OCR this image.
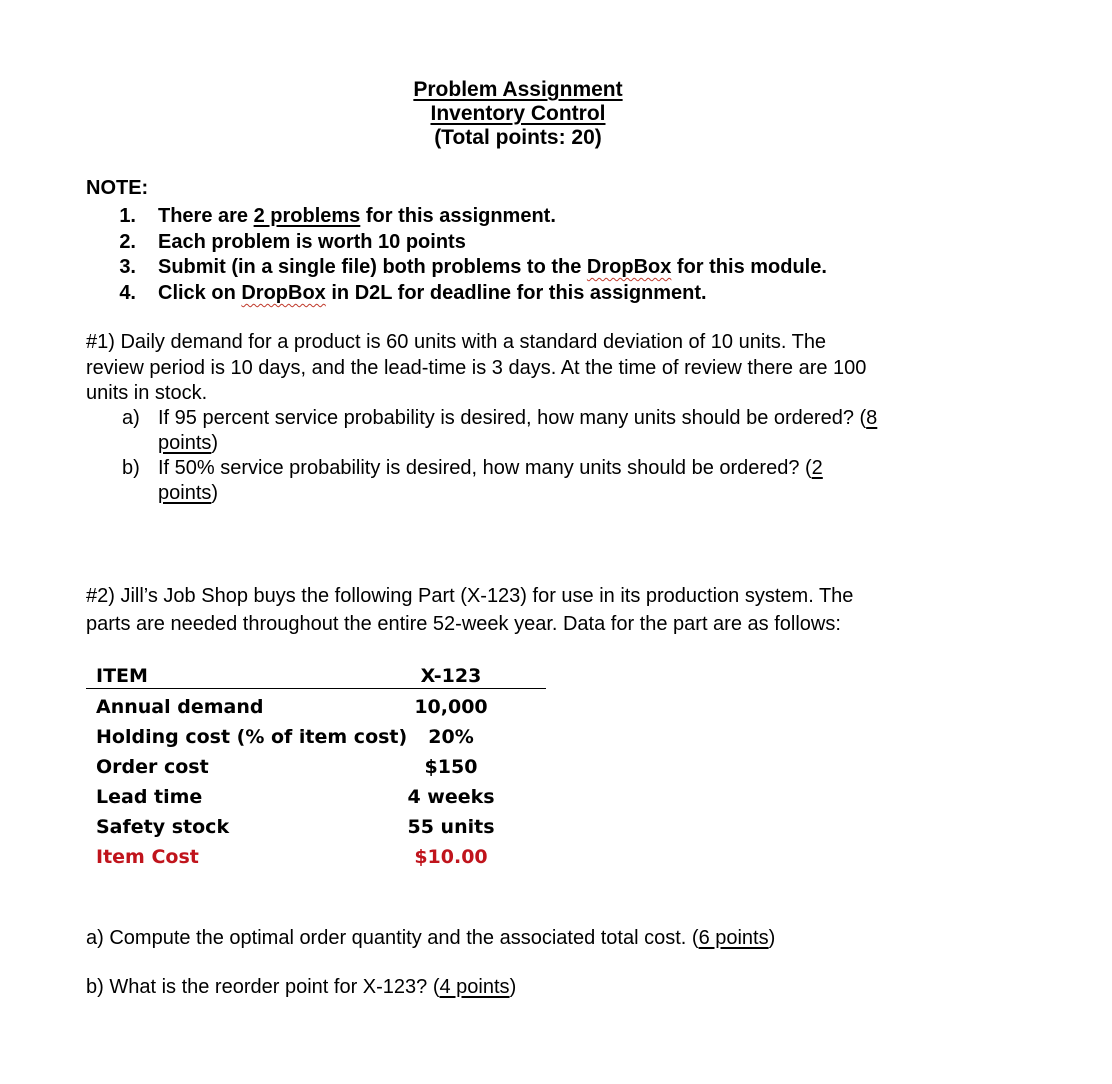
Problem Assignment
Inventory Control
(Total points: 20)
NOTE:
1. There are 2 problems for this assignment.
2. Each problem is worth 10 points
3. Submit (in a single file) both problems to the DropBox for this module.
4. Click on DropBox in D2L for deadline for this assignment.
#1) Daily demand for a product is 60 units with a standard deviation of 10 units. The
review period is 10 days, and the lead-time is 3 days. At the time of review there are 100
units in stock.
a) If 95 percent service probability is desired, how many units should be ordered? (8
points)
b) If 50% service probability is desired, how many units should be ordered? (2
points)
#2) Jill’s Job Shop buys the following Part (X-123) for use in its production system. The
parts are needed throughout the entire 52-week year. Data for the part are as follows:
ITEM	X-123
Annual demand	10,000
Holding cost (% of item cost)	20%
Order cost	$150
Lead time	4 weeks
Safety stock	55 units
Item Cost	$10.00
a) Compute the optimal order quantity and the associated total cost. (6 points)
b) What is the reorder point for X-123? (4 points)
